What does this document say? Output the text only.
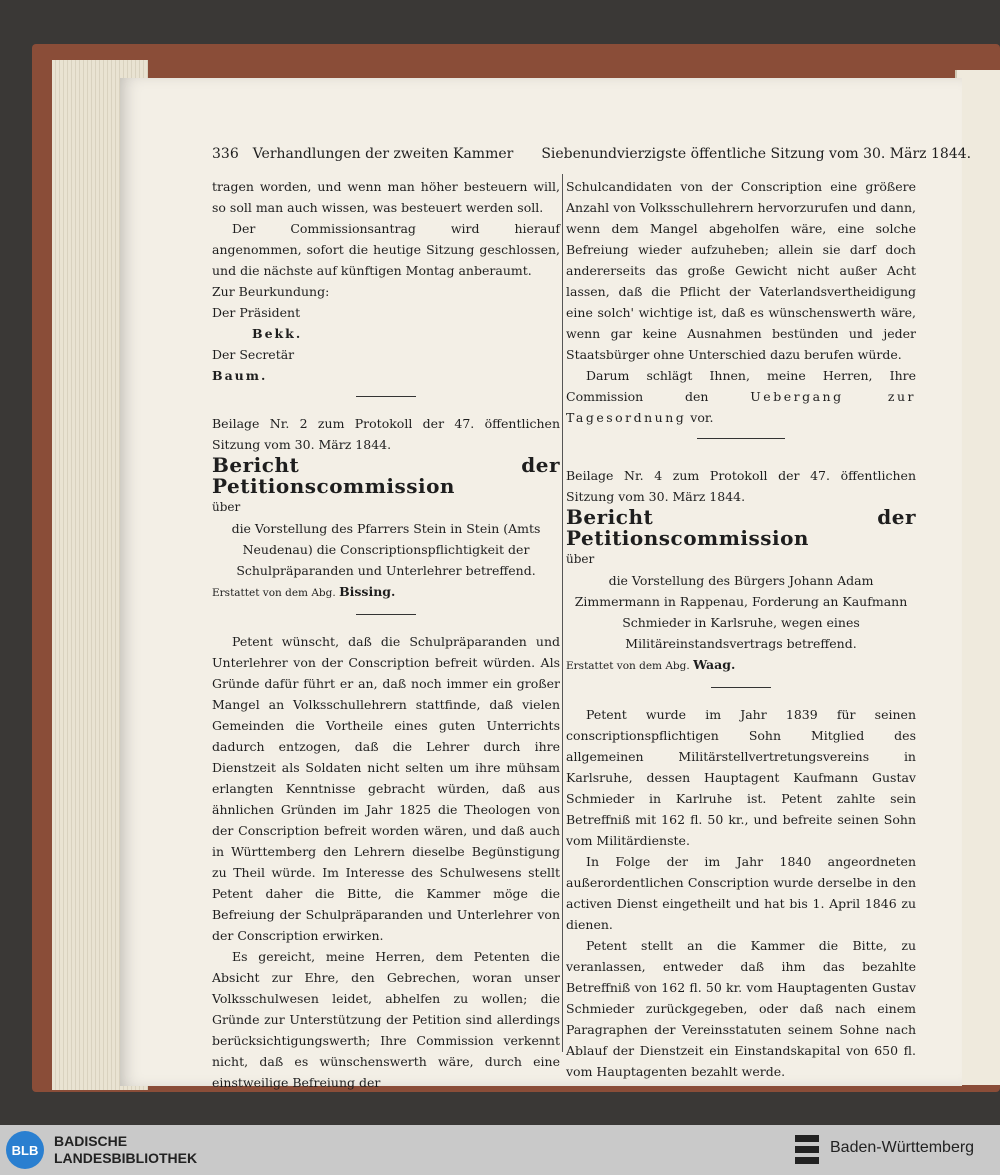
336 Verhandlungen der zweiten Kammer Siebenundvierzigste öffentliche Sitzung vom 30. März 1844.

tragen worden, und wenn man höher besteuern will, so soll man auch wissen, was besteuert werden soll.

Der Commissionsantrag wird hierauf angenommen, sofort die heutige Sitzung geschlossen, und die nächste auf künftigen Montag anberaumt.

Zur Beurkundung:

Der Präsident

Bekk.

Der Secretär

Baum.

Beilage Nr. 2 zum Protokoll der 47. öffentlichen Sitzung vom 30. März 1844.

Bericht der Petitionscommission

über

die Vorstellung des Pfarrers Stein in Stein (Amts Neudenau) die Conscriptionspflichtigkeit der Schulpräparanden und Unterlehrer betreffend.

Erstattet von dem Abg. Bissing.

Petent wünscht, daß die Schulpräparanden und Unterlehrer von der Conscription befreit würden. Als Gründe dafür führt er an, daß noch immer ein großer Mangel an Volksschullehrern stattfinde, daß vielen Gemeinden die Vortheile eines guten Unterrichts dadurch entzogen, daß die Lehrer durch ihre Dienstzeit als Soldaten nicht selten um ihre mühsam erlangten Kenntnisse gebracht würden, daß aus ähnlichen Gründen im Jahr 1825 die Theologen von der Conscription befreit worden wären, und daß auch in Württemberg den Lehrern dieselbe Begünstigung zu Theil würde. Im Interesse des Schulwesens stellt Petent daher die Bitte, die Kammer möge die Befreiung der Schulpräparanden und Unterlehrer von der Conscription erwirken.

Es gereicht, meine Herren, dem Petenten die Absicht zur Ehre, den Gebrechen, woran unser Volksschulwesen leidet, abhelfen zu wollen; die Gründe zur Unterstützung der Petition sind allerdings berücksichtigungswerth; Ihre Commission verkennt nicht, daß es wünschenswerth wäre, durch eine einstweilige Befreiung der

Schulcandidaten von der Conscription eine größere Anzahl von Volksschullehrern hervorzurufen und dann, wenn dem Mangel abgeholfen wäre, eine solche Befreiung wieder aufzuheben; allein sie darf doch andererseits das große Gewicht nicht außer Acht lassen, daß die Pflicht der Vaterlandsvertheidigung eine solch' wichtige ist, daß es wünschenswerth wäre, wenn gar keine Ausnahmen bestünden und jeder Staatsbürger ohne Unterschied dazu berufen würde.

Darum schlägt Ihnen, meine Herren, Ihre Commission den	Uebergang zur Tagesordnung vor.

Beilage Nr. 4 zum Protokoll der 47. öffentlichen Sitzung vom 30. März 1844.

Bericht der Petitionscommission

über

die Vorstellung des Bürgers Johann Adam Zimmermann in Rappenau, Forderung an Kaufmann Schmieder in Karlsruhe, wegen eines Militäreinstandsvertrags betreffend.

Erstattet von dem Abg. Waag.

Petent wurde im Jahr 1839 für seinen conscriptionspflichtigen Sohn Mitglied des allgemeinen Militärstellvertretungsvereins in Karlsruhe, dessen Hauptagent Kaufmann Gustav Schmieder in Karlruhe ist. Petent zahlte sein Betreffniß mit 162 fl. 50 kr., und befreite seinen Sohn vom Militärdienste.

In Folge der im Jahr 1840 angeordneten außerordentlichen Conscription wurde derselbe in den activen Dienst eingetheilt und hat bis 1. April 1846 zu dienen.

Petent stellt an die Kammer die Bitte, zu veranlassen, entweder daß ihm das bezahlte Betreffniß von 162 fl. 50 kr. vom Hauptagenten Gustav Schmieder zurückgegeben, oder daß nach einem Paragraphen der Vereinsstatuten seinem Sohne nach Ablauf der Dienstzeit ein Einstandskapital von 650 fl. vom Hauptagenten bezahlt werde.

BLB
BADISCHE
LANDESBIBLIOTHEK
Baden-Württemberg
